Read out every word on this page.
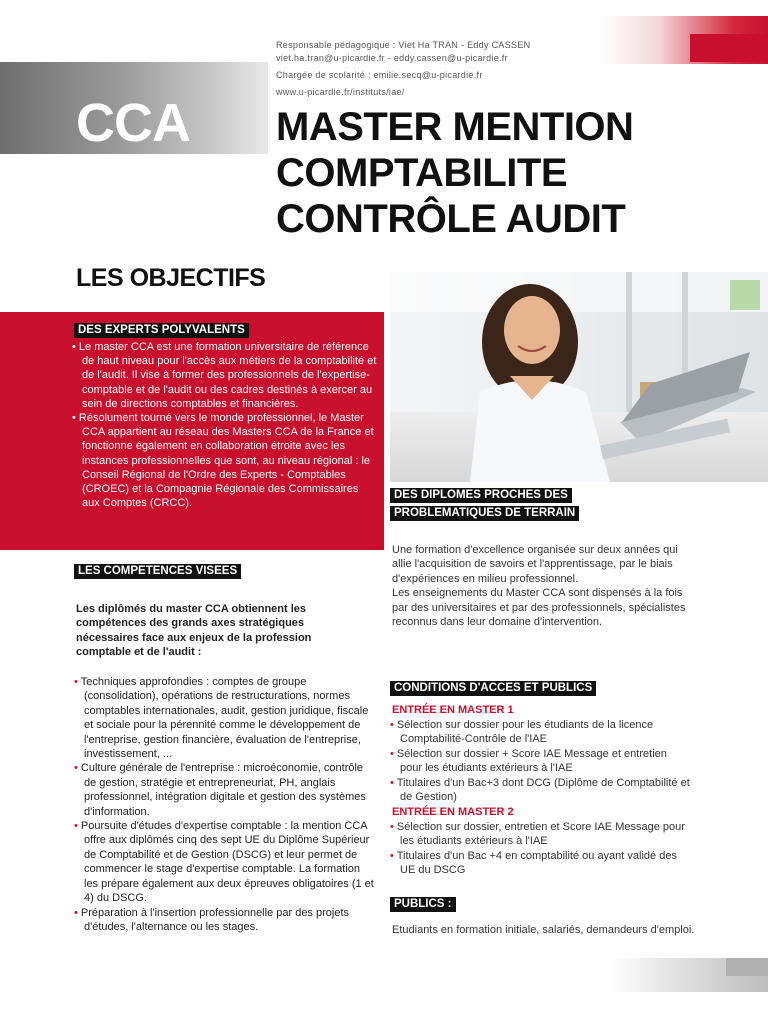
CCA
Responsable pédagogique : Viet Ha TRAN - Eddy CASSEN
viet.ha.tran@u-picardie.fr - eddy.cassen@u-picardie.fr
Chargée de scolarité : emilie.secq@u-picardie.fr
www.u-picardie.fr/instituts/iae/
MASTER MENTION
COMPTABILITE
CONTRÔLE AUDIT
LES OBJECTIFS
DES EXPERTS POLYVALENTS
• Le master CCA est une formation universitaire de référence de haut niveau pour l'accès aux métiers de la comptabilité et de l'audit. Il vise à former des professionnels de l'expertise-comptable et de l'audit ou des cadres destinés à exercer au sein de directions comptables et financières.
• Résolument tourné vers le monde professionnel, le Master CCA appartient au réseau des Masters CCA de la France et fonctionne également en collaboration étroite avec les instances professionnelles que sont, au niveau régional : le Conseil Régional de l'Ordre des Experts - Comptables (CROEC) et la Compagnie Régionale des Commissaires aux Comptes (CRCC).
LES COMPETENCES VISEES
Les diplômés du master CCA obtiennent les compétences des grands axes stratégiques nécessaires face aux enjeux de la profession comptable et de l'audit :
• Techniques approfondies : comptes de groupe (consolidation), opérations de restructurations, normes comptables internationales, audit, gestion juridique, fiscale et sociale pour la pérennité comme le développement de l'entreprise, gestion financière, évaluation de l'entreprise, investissement, ...
• Culture générale de l'entreprise : microéconomie, contrôle de gestion, stratégie et entrepreneuriat, PH, anglais professionnel, intégration digitale et gestion des systèmes d'information.
• Poursuite d'études d'expertise comptable : la mention CCA offre aux diplômés cinq des sept UE du Diplôme Supérieur de Comptabilité et de Gestion (DSCG) et leur permet de commencer le stage d'expertise comptable. La formation les prépare également aux deux épreuves obligatoires (1 et 4) du DSCG.
• Préparation à l'insertion professionnelle par des projets d'études, l'alternance ou les stages.
DES DIPLOMES PROCHES DES
PROBLEMATIQUES DE TERRAIN
Une formation d'excellence organisée sur deux années qui allie l'acquisition de savoirs et l'apprentissage, par le biais d'expériences en milieu professionnel.
Les enseignements du Master CCA sont dispensés à la fois par des universitaires et par des professionnels, spécialistes reconnus dans leur domaine d'intervention.
CONDITIONS D'ACCES ET PUBLICS
ENTRÉE EN MASTER 1
• Sélection sur dossier pour les étudiants de la licence Comptabilité-Contrôle de l'IAE
• Sélection sur dossier + Score IAE Message et entretien pour les étudiants extérieurs à l'IAE
• Titulaires d'un Bac+3 dont DCG (Diplôme de Comptabilité et de Gestion)
ENTRÉE EN MASTER 2
• Sélection sur dossier, entretien et Score IAE Message pour les étudiants extérieurs à l'IAE
• Titulaires d'un Bac +4 en comptabilité ou ayant validé des UE du DSCG
PUBLICS :
Etudiants en formation initiale, salariés, demandeurs d'emploi.
